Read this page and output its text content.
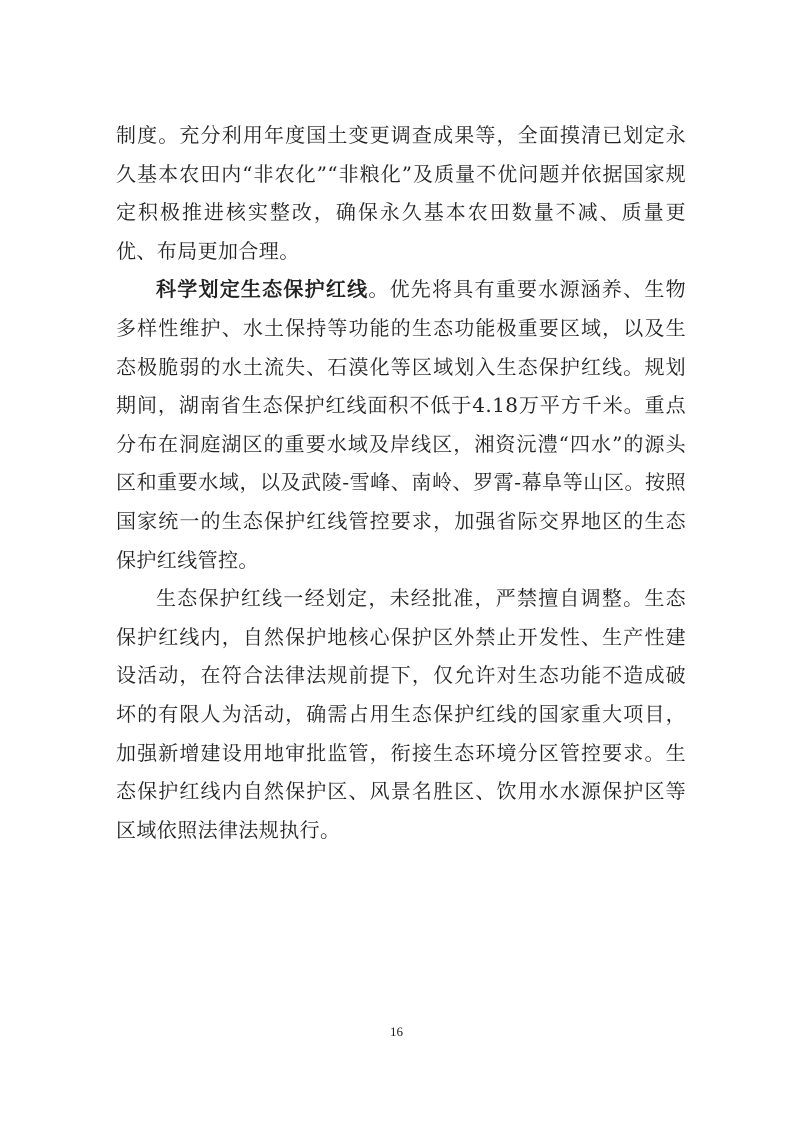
制度。充分利用年度国土变更调查成果等，全面摸清已划定永久基本农田内“非农化”“非粮化”及质量不优问题并依据国家规定积极推进核实整改，确保永久基本农田数量不减、质量更优、布局更加合理。

科学划定生态保护红线。优先将具有重要水源涵养、生物多样性维护、水土保持等功能的生态功能极重要区域，以及生态极脆弱的水土流失、石漠化等区域划入生态保护红线。规划期间，湖南省生态保护红线面积不低于4.18万平方千米。重点分布在洞庭湖区的重要水域及岸线区，湘资沅澧“四水”的源头区和重要水域，以及武陵-雪峰、南岭、罗霄-幕阜等山区。按照国家统一的生态保护红线管控要求，加强省际交界地区的生态保护红线管控。

生态保护红线一经划定，未经批准，严禁擅自调整。生态保护红线内，自然保护地核心保护区外禁止开发性、生产性建设活动，在符合法律法规前提下，仅允许对生态功能不造成破坏的有限人为活动，确需占用生态保护红线的国家重大项目，加强新增建设用地审批监管，衔接生态环境分区管控要求。生态保护红线内自然保护区、风景名胜区、饮用水水源保护区等区域依照法律法规执行。

16
